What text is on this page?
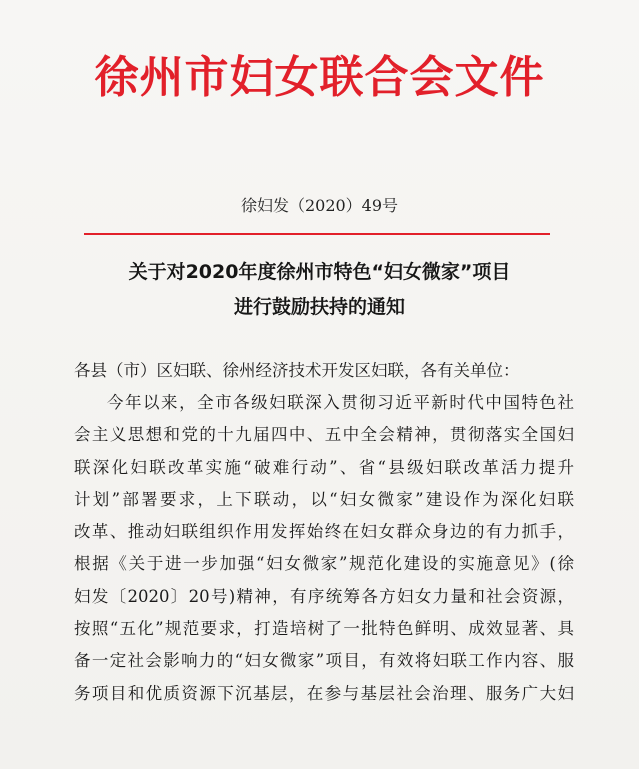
徐州市妇女联合会文件
徐妇发（2020）49号
关于对2020年度徐州市特色“妇女微家”项目
进行鼓励扶持的通知
各县（市）区妇联、徐州经济技术开发区妇联，各有关单位：
今年以来，全市各级妇联深入贯彻习近平新时代中国特色社
会主义思想和党的十九届四中、五中全会精神，贯彻落实全国妇
联深化妇联改革实施“破难行动”、省“县级妇联改革活力提升
计划”部署要求，上下联动，以“妇女微家”建设作为深化妇联
改革、推动妇联组织作用发挥始终在妇女群众身边的有力抓手，
根据《关于进一步加强“妇女微家”规范化建设的实施意见》(徐
妇发〔2020〕20号)精神，有序统筹各方妇女力量和社会资源，
按照“五化”规范要求，打造培树了一批特色鲜明、成效显著、具
备一定社会影响力的“妇女微家”项目，有效将妇联工作内容、服
务项目和优质资源下沉基层，在参与基层社会治理、服务广大妇
